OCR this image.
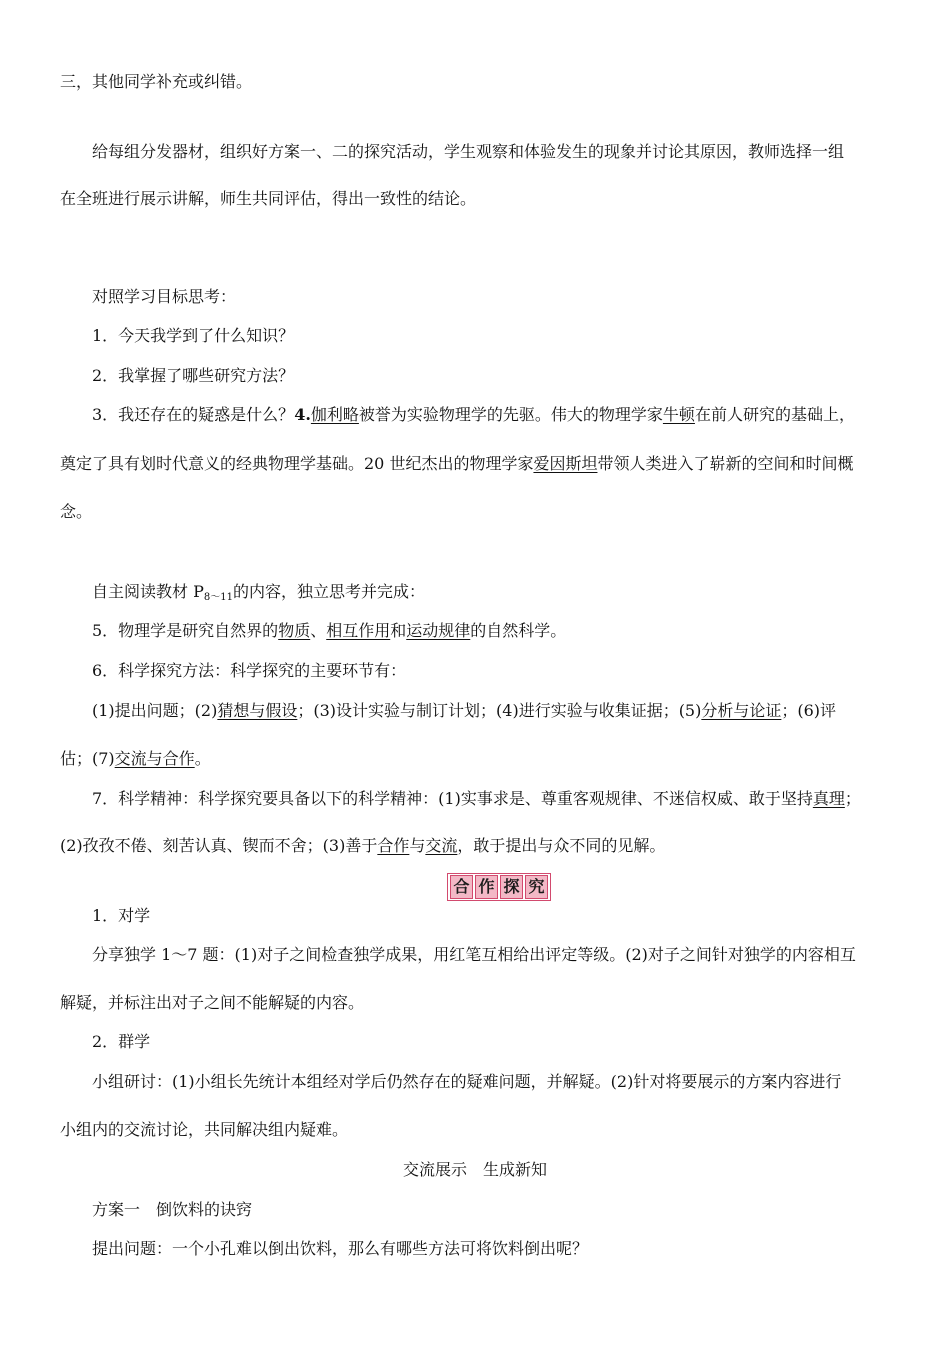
三，其他同学补充或纠错。
给每组分发器材，组织好方案一、二的探究活动，学生观察和体验发生的现象并讨论其原因，教师选择一组
在全班进行展示讲解，师生共同评估，得出一致性的结论。
对照学习目标思考：
1．今天我学到了什么知识？
2．我掌握了哪些研究方法？
3．我还存在的疑惑是什么？4.伽利略被誉为实验物理学的先驱。伟大的物理学家牛顿在前人研究的基础上，
奠定了具有划时代意义的经典物理学基础。20 世纪杰出的物理学家爱因斯坦带领人类进入了崭新的空间和时间概
念。
自主阅读教材 $P_{8\sim 11}$的内容，独立思考并完成：
5．物理学是研究自然界的物质、相互作用和运动规律的自然科学。
6．科学探究方法：科学探究的主要环节有：
(1)提出问题；(2)猜想与假设；(3)设计实验与制订计划；(4)进行实验与收集证据；(5)分析与论证；(6)评
估；(7)交流与合作。
7．科学精神：科学探究要具备以下的科学精神：(1)实事求是、尊重客观规律、不迷信权威、敢于坚持真理；
(2)孜孜不倦、刻苦认真、锲而不舍；(3)善于合作与交流，敢于提出与众不同的见解。
合 作 探 究
1．对学
分享独学 1～7 题：(1)对子之间检查独学成果，用红笔互相给出评定等级。(2)对子之间针对独学的内容相互
解疑，并标注出对子之间不能解疑的内容。
2．群学
小组研讨：(1)小组长先统计本组经对学后仍然存在的疑难问题，并解疑。(2)针对将要展示的方案内容进行
小组内的交流讨论，共同解决组内疑难。
交流展示　生成新知
方案一　倒饮料的诀窍
提出问题：一个小孔难以倒出饮料，那么有哪些方法可将饮料倒出呢？
